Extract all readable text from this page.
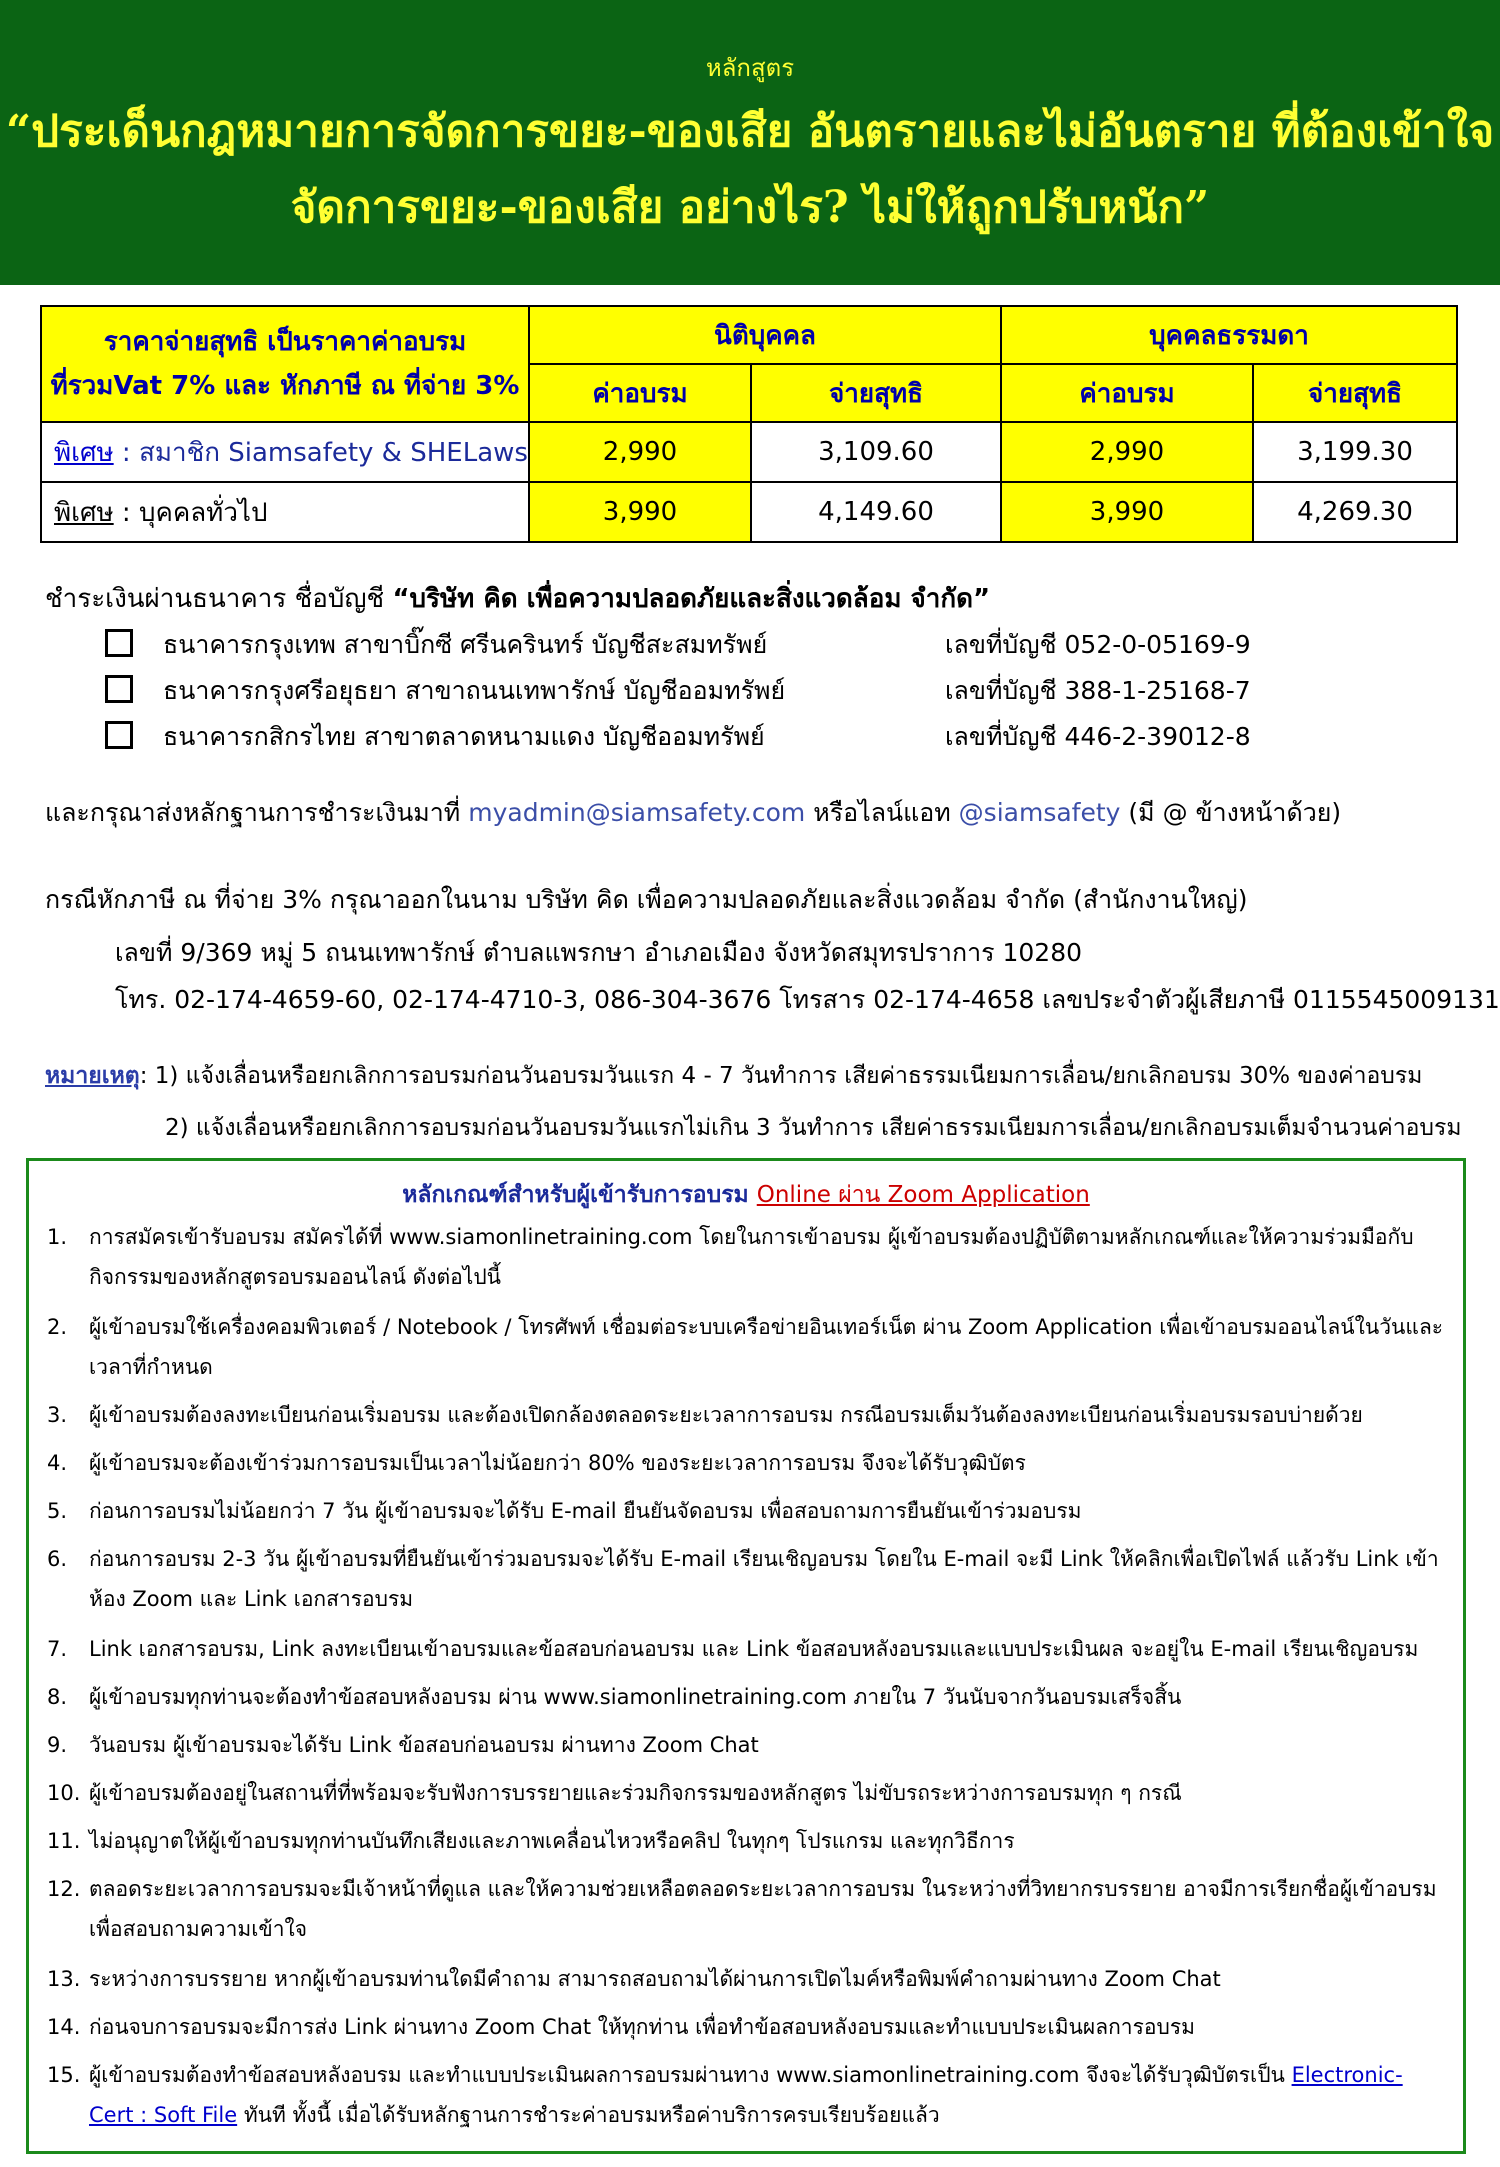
หลักสูตร
“ประเด็นกฎหมายการจัดการขยะ-ของเสีย อันตรายและไม่อันตราย ที่ต้องเข้าใจ
จัดการขยะ-ของเสีย อย่างไร? ไม่ให้ถูกปรับหนัก”
ราคาจ่ายสุทธิ เป็นราคาค่าอบรม
ที่รวมVat 7% และ หักภาษี ณ ที่จ่าย 3%	นิติบุคคล		บุคคลธรรมดา	
	ค่าอบรม	จ่ายสุทธิ	ค่าอบรม	จ่ายสุทธิ
พิเศษ : สมาชิก Siamsafety & SHELaws	2,990	3,109.60	2,990	3,199.30
พิเศษ : บุคคลทั่วไป	3,990	4,149.60	3,990	4,269.30
ชำระเงินผ่านธนาคาร ชื่อบัญชี “บริษัท คิด เพื่อความปลอดภัยและสิ่งแวดล้อม จำกัด”
ธนาคารกรุงเทพ สาขาบิ๊กซี ศรีนครินทร์ บัญชีสะสมทรัพย์	เลขที่บัญชี 052-0-05169-9
ธนาคารกรุงศรีอยุธยา สาขาถนนเทพารักษ์ บัญชีออมทรัพย์	เลขที่บัญชี 388-1-25168-7
ธนาคารกสิกรไทย สาขาตลาดหนามแดง บัญชีออมทรัพย์	เลขที่บัญชี 446-2-39012-8
และกรุณาส่งหลักฐานการชำระเงินมาที่ myadmin@siamsafety.com หรือไลน์แอท @siamsafety (มี @ ข้างหน้าด้วย)
กรณีหักภาษี ณ ที่จ่าย 3% กรุณาออกในนาม บริษัท คิด เพื่อความปลอดภัยและสิ่งแวดล้อม จำกัด (สำนักงานใหญ่)
เลขที่ 9/369 หมู่ 5 ถนนเทพารักษ์ ตำบลแพรกษา อำเภอเมือง จังหวัดสมุทรปราการ 10280
โทร. 02-174-4659-60, 02-174-4710-3, 086-304-3676 โทรสาร 02-174-4658 เลขประจำตัวผู้เสียภาษี 0115545009131
หมายเหตุ: 1) แจ้งเลื่อนหรือยกเลิกการอบรมก่อนวันอบรมวันแรก 4 - 7 วันทำการ เสียค่าธรรมเนียมการเลื่อน/ยกเลิกอบรม 30% ของค่าอบรม
2) แจ้งเลื่อนหรือยกเลิกการอบรมก่อนวันอบรมวันแรกไม่เกิน 3 วันทำการ เสียค่าธรรมเนียมการเลื่อน/ยกเลิกอบรมเต็มจำนวนค่าอบรม
หลักเกณฑ์สำหรับผู้เข้ารับการอบรม Online ผ่าน Zoom Application
1.	การสมัครเข้ารับอบรม สมัครได้ที่ www.siamonlinetraining.com โดยในการเข้าอบรม ผู้เข้าอบรมต้องปฏิบัติตามหลักเกณฑ์และให้ความร่วมมือกับกิจกรรมของหลักสูตรอบรมออนไลน์ ดังต่อไปนี้
2.	ผู้เข้าอบรมใช้เครื่องคอมพิวเตอร์ / Notebook / โทรศัพท์ เชื่อมต่อระบบเครือข่ายอินเทอร์เน็ต ผ่าน Zoom Application เพื่อเข้าอบรมออนไลน์ในวันและเวลาที่กำหนด
3.	ผู้เข้าอบรมต้องลงทะเบียนก่อนเริ่มอบรม และต้องเปิดกล้องตลอดระยะเวลาการอบรม กรณีอบรมเต็มวันต้องลงทะเบียนก่อนเริ่มอบรมรอบบ่ายด้วย
4.	ผู้เข้าอบรมจะต้องเข้าร่วมการอบรมเป็นเวลาไม่น้อยกว่า 80% ของระยะเวลาการอบรม จึงจะได้รับวุฒิบัตร
5.	ก่อนการอบรมไม่น้อยกว่า 7 วัน ผู้เข้าอบรมจะได้รับ E-mail ยืนยันจัดอบรม เพื่อสอบถามการยืนยันเข้าร่วมอบรม
6.	ก่อนการอบรม 2-3 วัน ผู้เข้าอบรมที่ยืนยันเข้าร่วมอบรมจะได้รับ E-mail เรียนเชิญอบรม โดยใน E-mail จะมี Link ให้คลิกเพื่อเปิดไฟล์ แล้วรับ Link เข้าห้อง Zoom และ Link เอกสารอบรม
7.	Link เอกสารอบรม, Link ลงทะเบียนเข้าอบรมและข้อสอบก่อนอบรม และ Link ข้อสอบหลังอบรมและแบบประเมินผล จะอยู่ใน E-mail เรียนเชิญอบรม
8.	ผู้เข้าอบรมทุกท่านจะต้องทำข้อสอบหลังอบรม ผ่าน www.siamonlinetraining.com ภายใน 7 วันนับจากวันอบรมเสร็จสิ้น
9.	วันอบรม ผู้เข้าอบรมจะได้รับ Link ข้อสอบก่อนอบรม ผ่านทาง Zoom Chat
10. ผู้เข้าอบรมต้องอยู่ในสถานที่ที่พร้อมจะรับฟังการบรรยายและร่วมกิจกรรมของหลักสูตร ไม่ขับรถระหว่างการอบรมทุก ๆ กรณี
11. ไม่อนุญาตให้ผู้เข้าอบรมทุกท่านบันทึกเสียงและภาพเคลื่อนไหวหรือคลิป ในทุกๆ โปรแกรม และทุกวิธีการ
12. ตลอดระยะเวลาการอบรมจะมีเจ้าหน้าที่ดูแล และให้ความช่วยเหลือตลอดระยะเวลาการอบรม ในระหว่างที่วิทยากรบรรยาย อาจมีการเรียกชื่อผู้เข้าอบรมเพื่อสอบถามความเข้าใจ
13. ระหว่างการบรรยาย หากผู้เข้าอบรมท่านใดมีคำถาม สามารถสอบถามได้ผ่านการเปิดไมค์หรือพิมพ์คำถามผ่านทาง Zoom Chat
14. ก่อนจบการอบรมจะมีการส่ง Link ผ่านทาง Zoom Chat ให้ทุกท่าน เพื่อทำข้อสอบหลังอบรมและทำแบบประเมินผลการอบรม
15. ผู้เข้าอบรมต้องทำข้อสอบหลังอบรม และทำแบบประเมินผลการอบรมผ่านทาง www.siamonlinetraining.com จึงจะได้รับวุฒิบัตรเป็น Electronic-Cert : Soft File ทันที ทั้งนี้ เมื่อได้รับหลักฐานการชำระค่าอบรมหรือค่าบริการครบเรียบร้อยแล้ว
